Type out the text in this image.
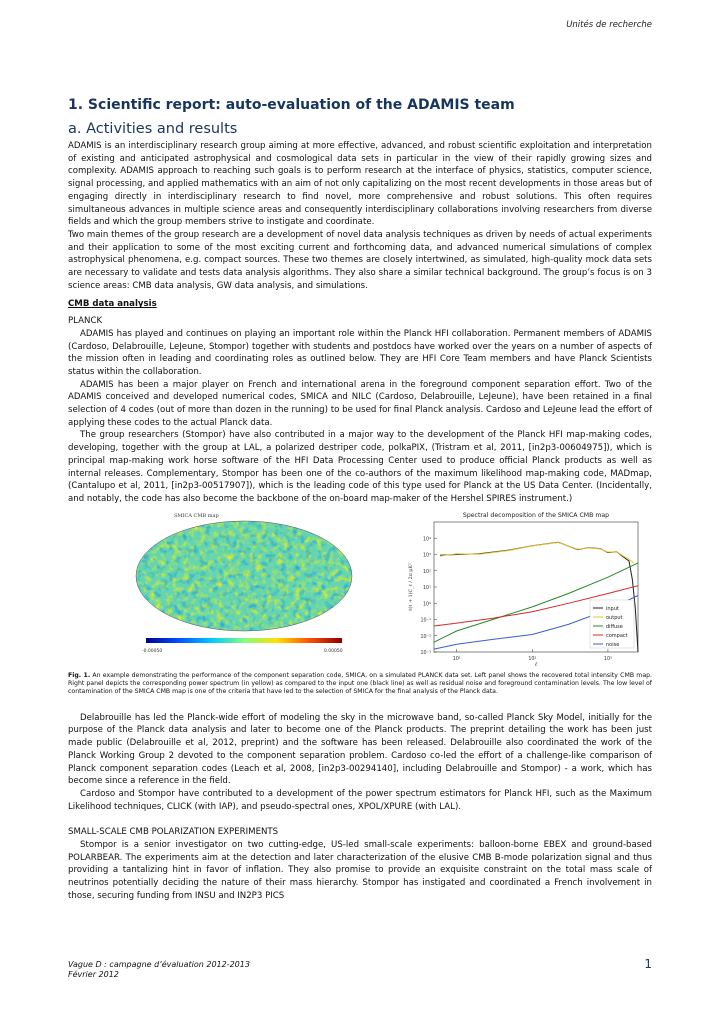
Unités de recherche
1. Scientific report: auto-evaluation of the ADAMIS team
a. Activities and results

ADAMIS is an interdisciplinary research group aiming at more effective, advanced, and robust scientific exploitation and interpretation of existing and anticipated astrophysical and cosmological data sets in particular in the view of their rapidly growing sizes and complexity. ADAMIS approach to reaching such goals is to perform research at the interface of physics, statistics, computer science, signal processing, and applied mathematics with an aim of not only capitalizing on the most recent developments in those areas but of engaging directly in interdisciplinary research to find novel, more comprehensive and robust solutions. This often requires simultaneous advances in multiple science areas and consequently interdisciplinary collaborations involving researchers from diverse fields and which the group members strive to instigate and coordinate.

Two main themes of the group research are a development of novel data analysis techniques as driven by needs of actual experiments and their application to some of the most exciting current and forthcoming data, and advanced numerical simulations of complex astrophysical phenomena, e.g. compact sources. These two themes are closely intertwined, as simulated, high-quality mock data sets are necessary to validate and tests data analysis algorithms. They also share a similar technical background. The group’s focus is on 3 science areas: CMB data analysis, GW data analysis, and simulations.

CMB data analysis

PLANCK

ADAMIS has played and continues on playing an important role within the Planck HFI collaboration. Permanent members of ADAMIS (Cardoso, Delabrouille, LeJeune, Stompor) together with students and postdocs have worked over the years on a number of aspects of the mission often in leading and coordinating roles as outlined below. They are HFI Core Team members and have Planck Scientists status within the collaboration.

ADAMIS has been a major player on French and international arena in the foreground component separation effort. Two of the ADAMIS conceived and developed numerical codes, SMICA and NILC (Cardoso, Delabrouille, LeJeune), have been retained in a final selection of 4 codes (out of more than dozen in the running) to be used for final Planck analysis. Cardoso and LeJeune lead the effort of applying these codes to the actual Planck data.

The group researchers (Stompor) have also contributed in a major way to the development of the Planck HFI map-making codes, developing, together with the group at LAL, a polarized destriper code, polkaPIX, (Tristram et al, 2011, [in2p3-00604975]), which is principal map-making work horse software of the HFI Data Processing Center used to produce official Planck products as well as internal releases. Complementary, Stompor has been one of the co-authors of the maximum likelihood map-making code, MADmap, (Cantalupo et al, 2011, [in2p3-00517907]), which is the leading code of this type used for Planck at the US Data Center. (Incidentally, and notably, the code has also become the backbone of the on-board map-maker of the Hershel SPIRES instrument.)

SMICA CMB map
-0.00050	0.00050
Spectral decomposition of the SMICA CMB map
10⁻³
10⁻²
10⁻¹
10⁰
10¹
10²
10³
10⁴
10¹	10²	10³
ℓ
ℓ(ℓ + 1)C_ℓ / 2π μK²	input
output
diffuse
compact
noise
Fig. 1. An example demonstrating the performance of the component separation code, SMICA, on a simulated PLANCK data set. Left panel shows the recovered total intensity CMB map. Right panel depicts the corresponding power spectrum (in yellow) as compared to the input one (black line) as well as residual noise and foreground contamination levels. The low level of contamination of the SMICA CMB map is one of the criteria that have led to the selection of SMICA for the final analysis of the Planck data.

Delabrouille has led the Planck-wide effort of modeling the sky in the microwave band, so-called Planck Sky Model, initially for the purpose of the Planck data analysis and later to become one of the Planck products. The preprint detailing the work has been just made public (Delabrouille et al, 2012, preprint) and the software has been released. Delabrouille also coordinated the work of the Planck Working Group 2 devoted to the component separation problem. Cardoso co-led the effort of a challenge-like comparison of Planck component separation codes (Leach et al, 2008, [in2p3-00294140], including Delabrouille and Stompor) - a work, which has become since a reference in the field.

Cardoso and Stompor have contributed to a development of the power spectrum estimators for Planck HFI, such as the Maximum Likelihood techniques, CLICK (with IAP), and pseudo-spectral ones, XPOL/XPURE (with LAL).

SMALL-SCALE CMB POLARIZATION EXPERIMENTS

Stompor is a senior investigator on two cutting-edge, US-led small-scale experiments: balloon-borne EBEX and ground-based POLARBEAR. The experiments aim at the detection and later characterization of the elusive CMB B-mode polarization signal and thus providing a tantalizing hint in favor of inflation. They also promise to provide an exquisite constraint on the total mass scale of neutrinos potentially deciding the nature of their mass hierarchy. Stompor has instigated and coordinated a French involvement in those, securing funding from INSU and IN2P3 PICS

Vague D : campagne d’évaluation 2012-2013
Février 2012
1
